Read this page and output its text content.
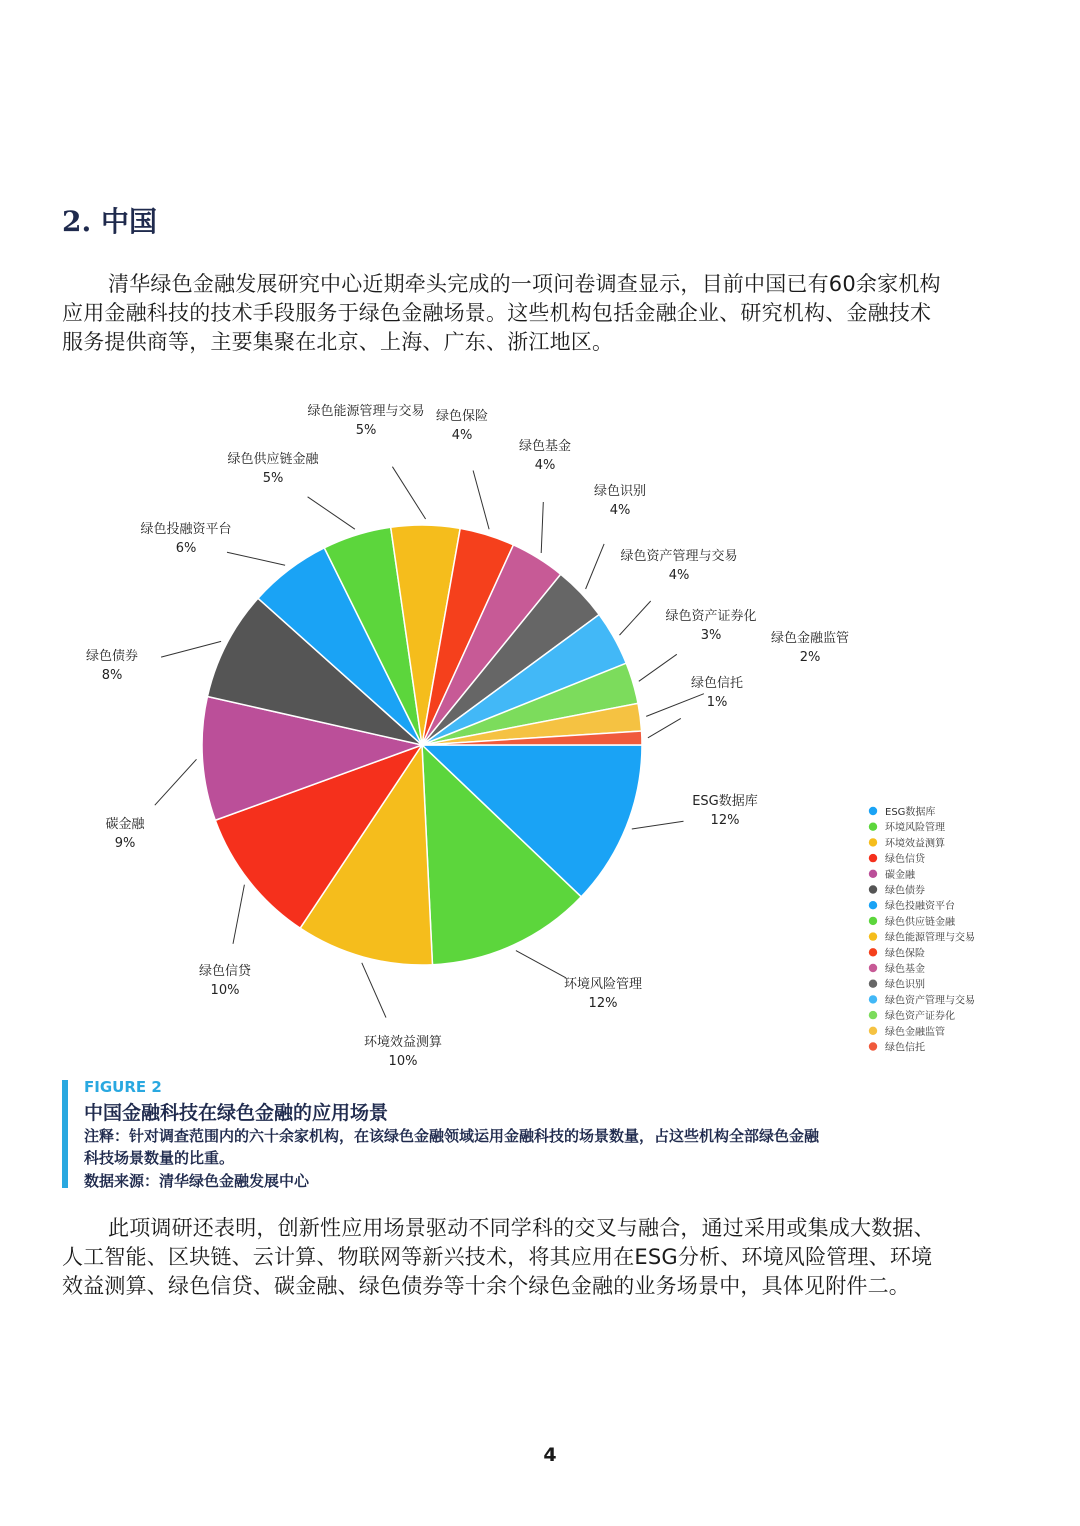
2. 中国

清华绿色金融发展研究中心近期牵头完成的一项问卷调查显示，目前中国已有60余家机构
应用金融科技的技术手段服务于绿色金融场景。这些机构包括金融企业、研究机构、金融技术
服务提供商等，主要集聚在北京、上海、广东、浙江地区。

ESG数据库
12%
环境风险管理
12%
环境效益测算
10%
绿色信贷
10%
碳金融
9%
绿色债券
8%
绿色投融资平台
6%
绿色供应链金融
5%
绿色能源管理与交易
5%
绿色保险
4%
绿色基金
4%
绿色识别
4%
绿色资产管理与交易
4%
绿色资产证券化
3%	绿色金融监管
2%
绿色信托
1%
ESG数据库
环境风险管理
环境效益测算
绿色信贷
碳金融
绿色债券
绿色投融资平台
绿色供应链金融
绿色能源管理与交易
绿色保险
绿色基金
绿色识别
绿色资产管理与交易
绿色资产证券化
绿色金融监管
绿色信托
FIGURE 2
中国金融科技在绿色金融的应用场景
注释：针对调查范围内的六十余家机构，在该绿色金融领域运用金融科技的场景数量，占这些机构全部绿色金融
科技场景数量的比重。
数据来源：清华绿色金融发展中心

此项调研还表明，创新性应用场景驱动不同学科的交叉与融合，通过采用或集成大数据、
人工智能、区块链、云计算、物联网等新兴技术，将其应用在ESG分析、环境风险管理、环境
效益测算、绿色信贷、碳金融、绿色债券等十余个绿色金融的业务场景中，具体见附件二。

4
